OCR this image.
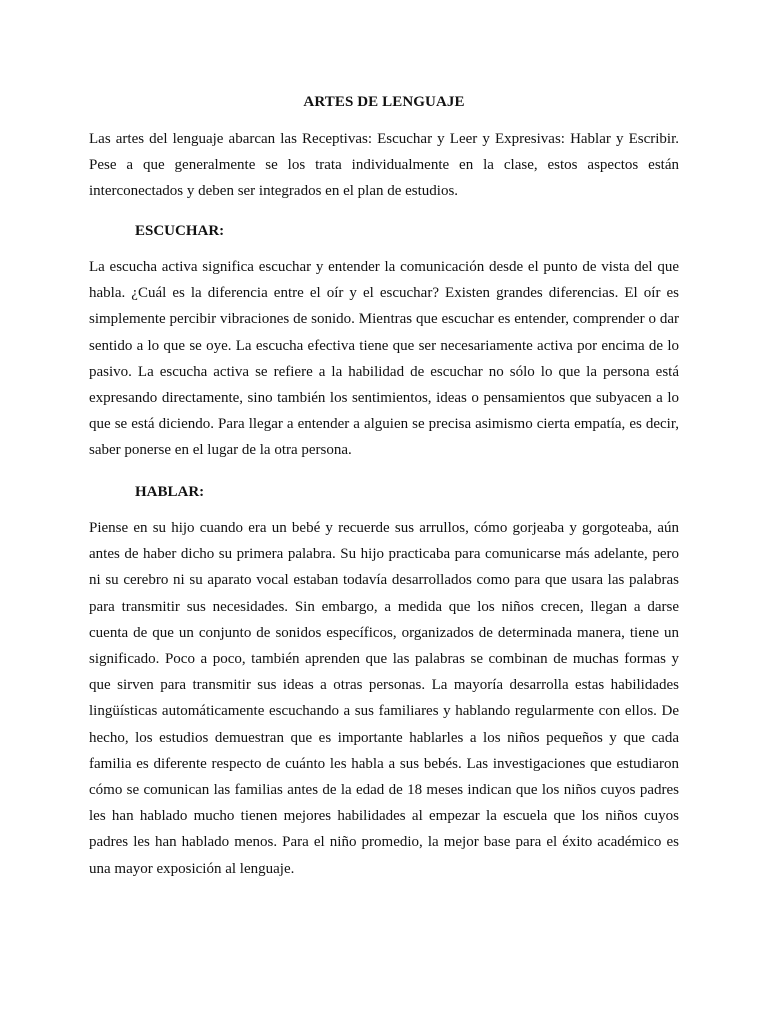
ARTES DE LENGUAJE

Las artes del lenguaje abarcan las Receptivas: Escuchar y Leer y Expresivas: Hablar y Escribir. Pese a que generalmente se los trata individualmente en la clase, estos aspectos están interconectados y deben ser integrados en el plan de estudios.

ESCUCHAR:

La escucha activa significa escuchar y entender la comunicación desde el punto de vista del que habla. ¿Cuál es la diferencia entre el oír y el escuchar? Existen grandes diferencias. El oír es simplemente percibir vibraciones de sonido. Mientras que escuchar es entender, comprender o dar sentido a lo que se oye. La escucha efectiva tiene que ser necesariamente activa por encima de lo pasivo. La escucha activa se refiere a la habilidad de escuchar no sólo lo que la persona está expresando directamente, sino también los sentimientos, ideas o pensamientos que subyacen a lo que se está diciendo. Para llegar a entender a alguien se precisa asimismo cierta empatía, es decir, saber ponerse en el lugar de la otra persona.

HABLAR:

Piense en su hijo cuando era un bebé y recuerde sus arrullos, cómo gorjeaba y gorgoteaba, aún antes de haber dicho su primera palabra. Su hijo practicaba para comunicarse más adelante, pero ni su cerebro ni su aparato vocal estaban todavía desarrollados como para que usara las palabras para transmitir sus necesidades. Sin embargo, a medida que los niños crecen, llegan a darse cuenta de que un conjunto de sonidos específicos, organizados de determinada manera, tiene un significado. Poco a poco, también aprenden que las palabras se combinan de muchas formas y que sirven para transmitir sus ideas a otras personas. La mayoría desarrolla estas habilidades lingüísticas automáticamente escuchando a sus familiares y hablando regularmente con ellos. De hecho, los estudios demuestran que es importante hablarles a los niños pequeños y que cada familia es diferente respecto de cuánto les habla a sus bebés. Las investigaciones que estudiaron cómo se comunican las familias antes de la edad de 18 meses indican que los niños cuyos padres les han hablado mucho tienen mejores habilidades al empezar la escuela que los niños cuyos padres les han hablado menos. Para el niño promedio, la mejor base para el éxito académico es una mayor exposición al lenguaje.
